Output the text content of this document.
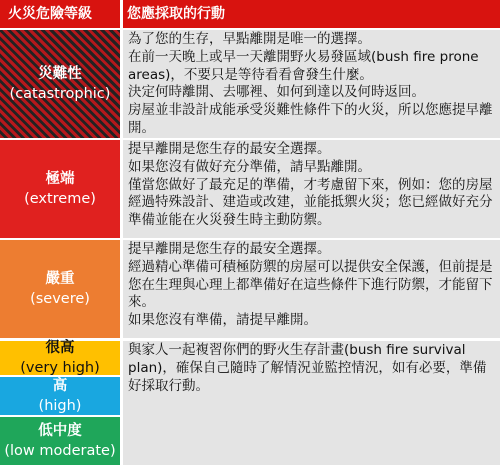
火災危險等級	您應採取的行動
災難性
(catastrophic)

為了您的生存，早點離開是唯一的選擇。

在前一天晚上或早一天離開野火易發區域(bush fire prone areas)，不要只是等待看看會發生什麼。

決定何時離開、去哪裡、如何到達以及何時返回。

房屋並非設計成能承受災難性條件下的火災，所以您應提早離開。

極端
(extreme)

提早離開是您生存的最安全選擇。

如果您沒有做好充分準備，請早點離開。

僅當您做好了最充足的準備，才考慮留下來，例如：您的房屋經過特殊設計、建造或改建，並能抵禦火災；您已經做好充分準備並能在火災發生時主動防禦。

嚴重
(severe)

提早離開是您生存的最安全選擇。

經過精心準備可積極防禦的房屋可以提供安全保護，但前提是您在生理與心理上都準備好在這些條件下進行防禦，才能留下來。

如果您沒有準備，請提早離開。

很高
(very high)
高
(high)
低中度
(low moderate)

與家人一起複習你們的野火生存計畫(bush fire survival plan)，確保自己隨時了解情況並監控情況，如有必要，準備好採取行動。
